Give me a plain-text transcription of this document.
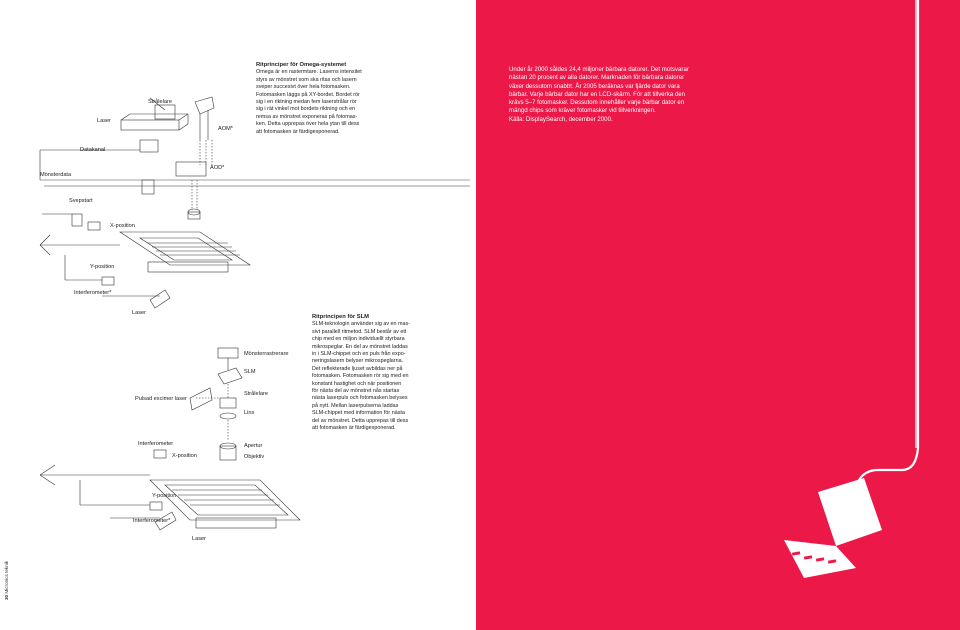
Laser
Strålelare
AOM*
Datakanal
Mönsterdata
AOD*
Svepstart
X-position
Y-position
Interferometer*
Laser

Ritprinciper för Omega-systemet

Omega är en rastermtare. Laserns intensitet

styrs av mönstret som ska ritas och lasern

sveper succesivt över hela fotomasken.

Fotomasken läggs på XY-bordet. Bordet rör

sig i en riktning medan fem laserstrålar rör

sig i rät vinkel mot bordets riktning och en

remsa av mönstret exponeras på fotomas-

ken. Detta upprepas över hela ytan till dess

att fotomasken är färdigexponerad.

Ritprincipen för SLM

SLM-teknologin använder sig av en mas-

sivt parallell ritmetod. SLM består av ett

chip med en miljon individuellt styrbara

mikrospeglar. En del av mönstret laddas

in i SLM-chippet och en puls från expo-

neringslasern belyser mikrospeglarna.

Det reflekterade ljuset avbildas ner på

fotomasken. Fotomasken rör sig med en

konstant hastighet och när positionen

för nästa del av mönstret nås startas

nästa laserpuls och fotomasken belyses

på nytt. Mellan laserpulserna laddas

SLM-chippet med information för nästa

del av mönstret. Detta upprepas till dess

att fotomasken är färdigexponerad.

Mönsterrastrerare
SLM
Strålelare
Lins
Pulsad excimer laser
Interferometer
X-position
Apertur
Objektiv
Y-position
Interferometer*
Laser
30 Micronics teknik

Under år 2000 såldes 24,4 miljoner bärbara datorer. Det motsvarar

nästan 20 procent av alla datorer. Marknaden för bärbara datorer

växer dessutom snabbt. År 2005 beräknas var fjärde dator vara

bärbar. Varje bärbar dator har en LCD-skärm. För att tillverka den

krävs 5–7 fotomasker. Dessutom innehåller varje bärbar dator en

mängd chips som kräver fotomasker vid tillverkningen.

Källa: DisplaySearch, december 2000.
